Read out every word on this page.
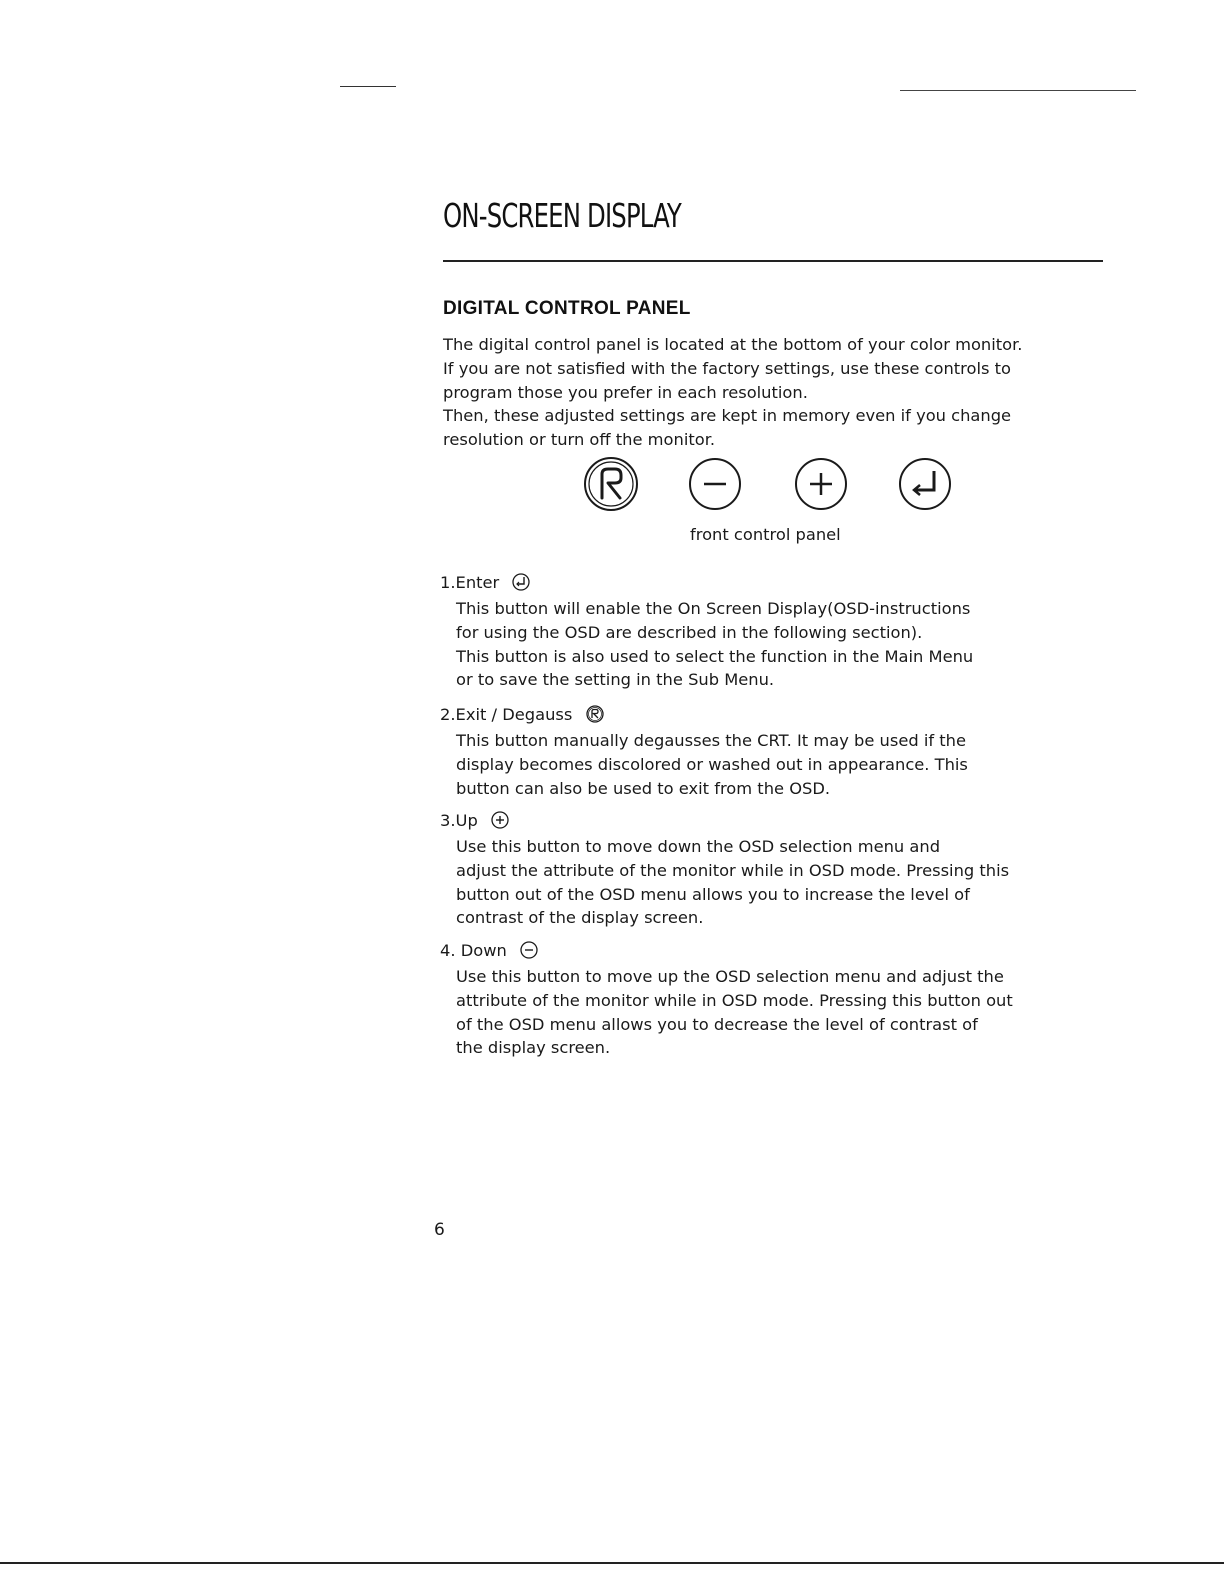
ON-SCREEN DISPLAY
DIGITAL CONTROL PANEL

The digital control panel is located at the bottom of your color monitor.

If you are not satisfied with the factory settings, use these controls to

program those you prefer in each resolution.

Then, these adjusted settings are kept in memory even if you change

resolution or turn off the monitor.

front control panel
1.Enter

This button will enable the On Screen Display(OSD-instructions

for using the OSD are described in the following section).

This button is also used to select the function in the Main Menu

or to save the setting in the Sub Menu.

2.Exit / Degauss

This button manually degausses the CRT. It may be used if the

display becomes discolored or washed out in appearance. This

button can also be used to exit from the OSD.

3.Up

Use this button to move down the OSD selection menu and

adjust the attribute of the monitor while in OSD mode. Pressing this

button out of the OSD menu allows you to increase the level of

contrast of the display screen.

4. Down

Use this button to move up the OSD selection menu and adjust the

attribute of the monitor while in OSD mode. Pressing this button out

of the OSD menu allows you to decrease the level of contrast of

the display screen.

6
